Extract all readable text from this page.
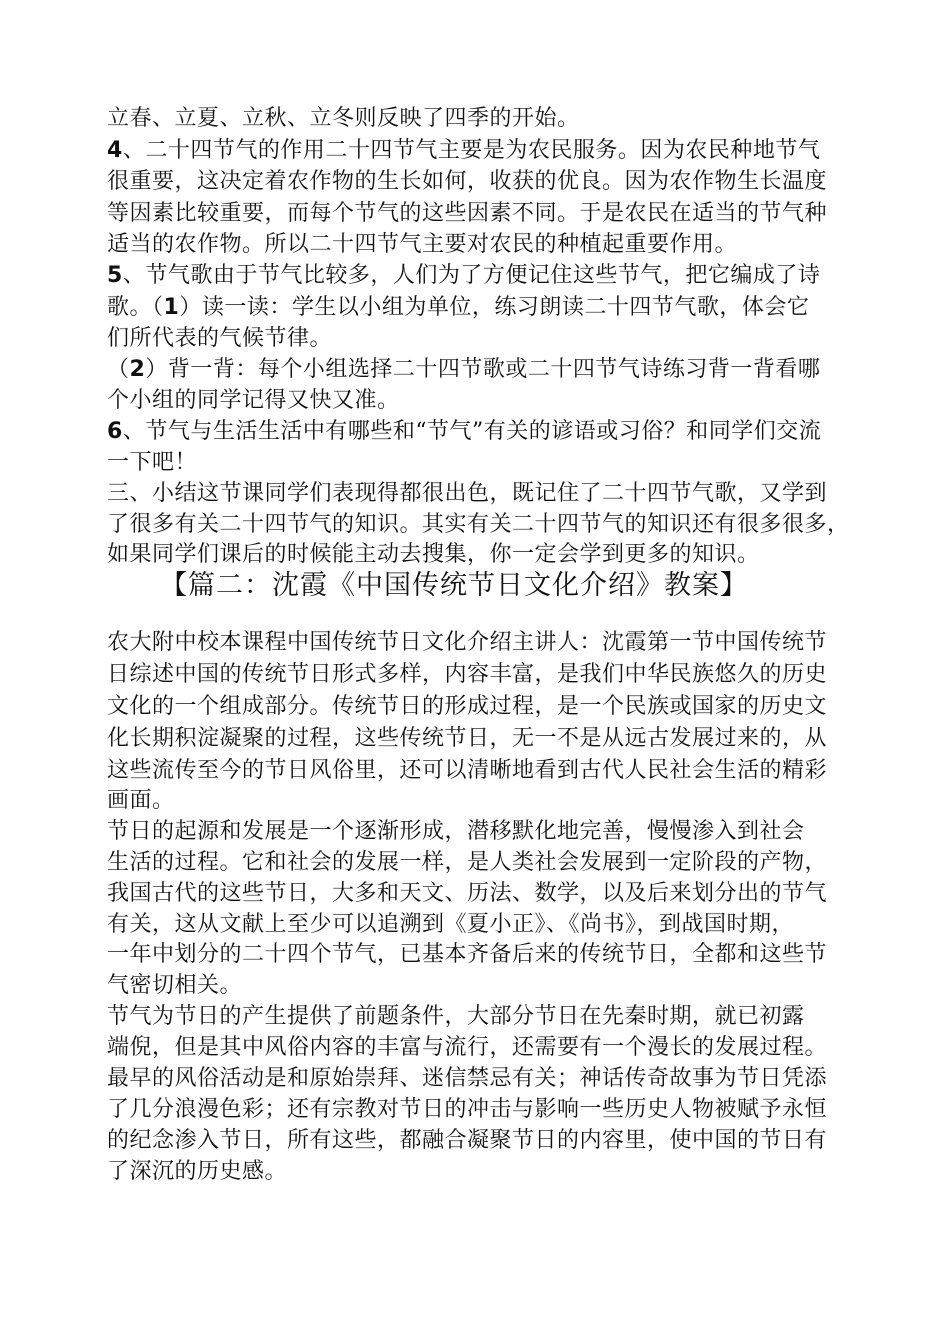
立春、立夏、立秋、立冬则反映了四季的开始。
4、二十四节气的作用二十四节气主要是为农民服务。因为农民种地节气
很重要，这决定着农作物的生长如何，收获的优良。因为农作物生长温度
等因素比较重要，而每个节气的这些因素不同。于是农民在适当的节气种
适当的农作物。所以二十四节气主要对农民的种植起重要作用。
5、节气歌由于节气比较多，人们为了方便记住这些节气，把它编成了诗
歌。（1）读一读：学生以小组为单位，练习朗读二十四节气歌，体会它
们所代表的气候节律。
（2）背一背：每个小组选择二十四节歌或二十四节气诗练习背一背看哪
个小组的同学记得又快又准。
6、节气与生活生活中有哪些和“节气”有关的谚语或习俗？和同学们交流
一下吧！
三、小结这节课同学们表现得都很出色，既记住了二十四节气歌，又学到
了很多有关二十四节气的知识。其实有关二十四节气的知识还有很多很多，
如果同学们课后的时候能主动去搜集，你一定会学到更多的知识。
【篇二：沈霞《中国传统节日文化介绍》教案】
农大附中校本课程中国传统节日文化介绍主讲人：沈霞第一节中国传统节
日综述中国的传统节日形式多样，内容丰富，是我们中华民族悠久的历史
文化的一个组成部分。传统节日的形成过程，是一个民族或国家的历史文
化长期积淀凝聚的过程，这些传统节日，无一不是从远古发展过来的，从
这些流传至今的节日风俗里，还可以清晰地看到古代人民社会生活的精彩
画面。
节日的起源和发展是一个逐渐形成，潜移默化地完善，慢慢渗入到社会
生活的过程。它和社会的发展一样，是人类社会发展到一定阶段的产物，
我国古代的这些节日，大多和天文、历法、数学，以及后来划分出的节气
有关，这从文献上至少可以追溯到《夏小正》、《尚书》，到战国时期，
一年中划分的二十四个节气，已基本齐备后来的传统节日，全都和这些节
气密切相关。
节气为节日的产生提供了前题条件，大部分节日在先秦时期，就已初露
端倪，但是其中风俗内容的丰富与流行，还需要有一个漫长的发展过程。
最早的风俗活动是和原始崇拜、迷信禁忌有关；神话传奇故事为节日凭添
了几分浪漫色彩；还有宗教对节日的冲击与影响一些历史人物被赋予永恒
的纪念渗入节日，所有这些，都融合凝聚节日的内容里，使中国的节日有
了深沉的历史感。
